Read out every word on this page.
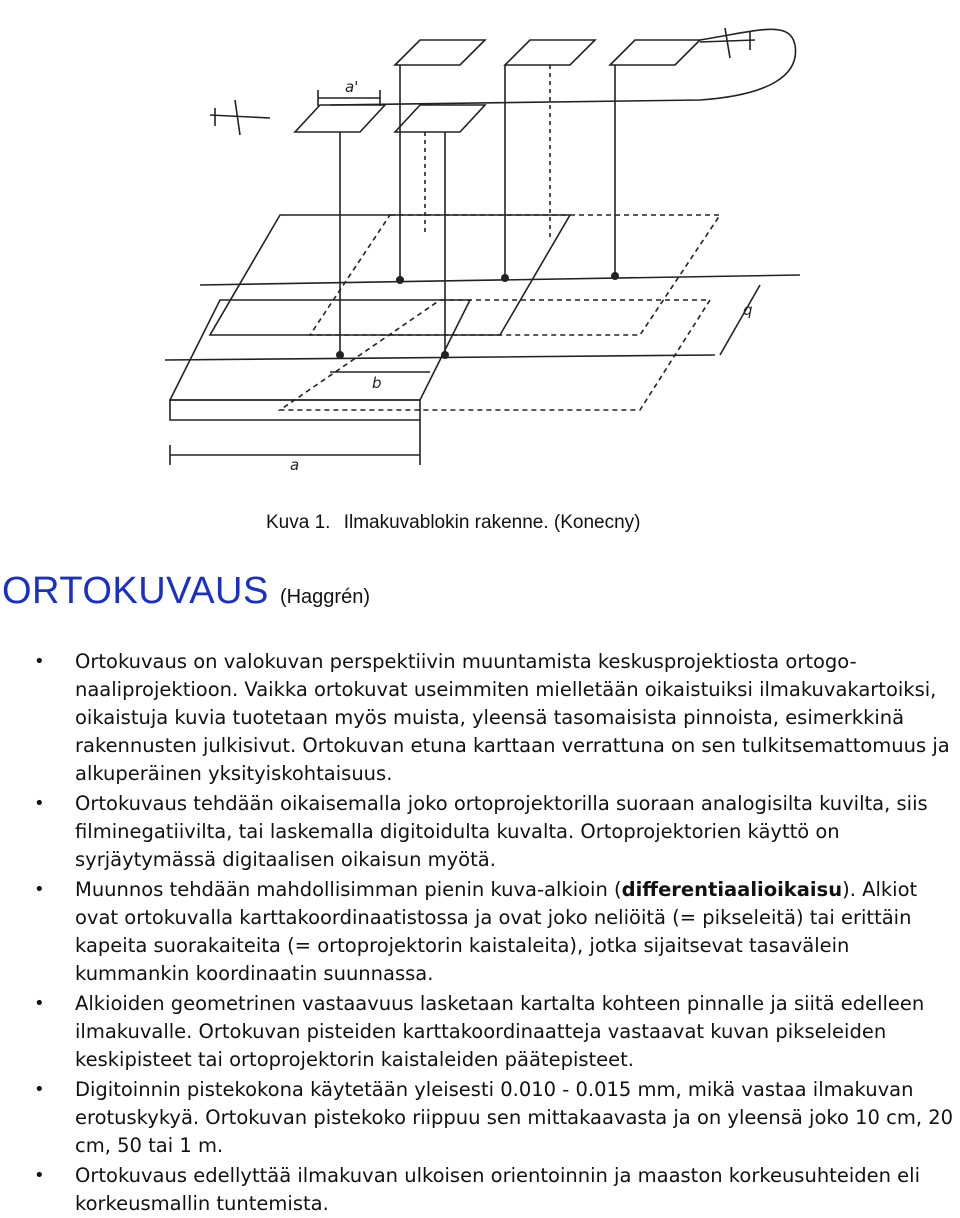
a'
q
b
a
Kuva 1. Ilmakuvablokin rakenne. (Konecny)
ORTOKUVAUS (Haggrén)
• Ortokuvaus on valokuvan perspektiivin muuntamista keskusprojektiosta ortogo-naaliprojektioon. Vaikka ortokuvat useimmiten mielletään oikaistuiksi ilmakuvakartoiksi, oikaistuja kuvia tuotetaan myös muista, yleensä tasomaisista pinnoista, esimerkkinä rakennusten julkisivut. Ortokuvan etuna karttaan verrattuna on sen tulkitsemattomuus ja alkuperäinen yksityiskohtaisuus.
• Ortokuvaus tehdään oikaisemalla joko ortoprojektorilla suoraan analogisilta kuvilta, siis filminegatiivilta, tai laskemalla digitoidulta kuvalta. Ortoprojektorien käyttö on syrjäytymässä digitaalisen oikaisun myötä.
• Muunnos tehdään mahdollisimman pienin kuva-alkioin (differentiaalioikaisu). Alkiot ovat ortokuvalla karttakoordinaatistossa ja ovat joko neliöitä (= pikseleitä) tai erittäin kapeita suorakaiteita (= ortoprojektorin kaistaleita), jotka sijaitsevat tasavälein kummankin koordinaatin suunnassa.
• Alkioiden geometrinen vastaavuus lasketaan kartalta kohteen pinnalle ja siitä edelleen ilmakuvalle. Ortokuvan pisteiden karttakoordinaatteja vastaavat kuvan pikseleiden keskipisteet tai ortoprojektorin kaistaleiden päätepisteet.
• Digitoinnin pistekokona käytetään yleisesti 0.010 - 0.015 mm, mikä vastaa ilmakuvan erotuskykyä. Ortokuvan pistekoko riippuu sen mittakaavasta ja on yleensä joko 10 cm, 20 cm, 50 tai 1 m.
• Ortokuvaus edellyttää ilmakuvan ulkoisen orientoinnin ja maaston korkeusuhteiden eli korkeusmallin tuntemista.
